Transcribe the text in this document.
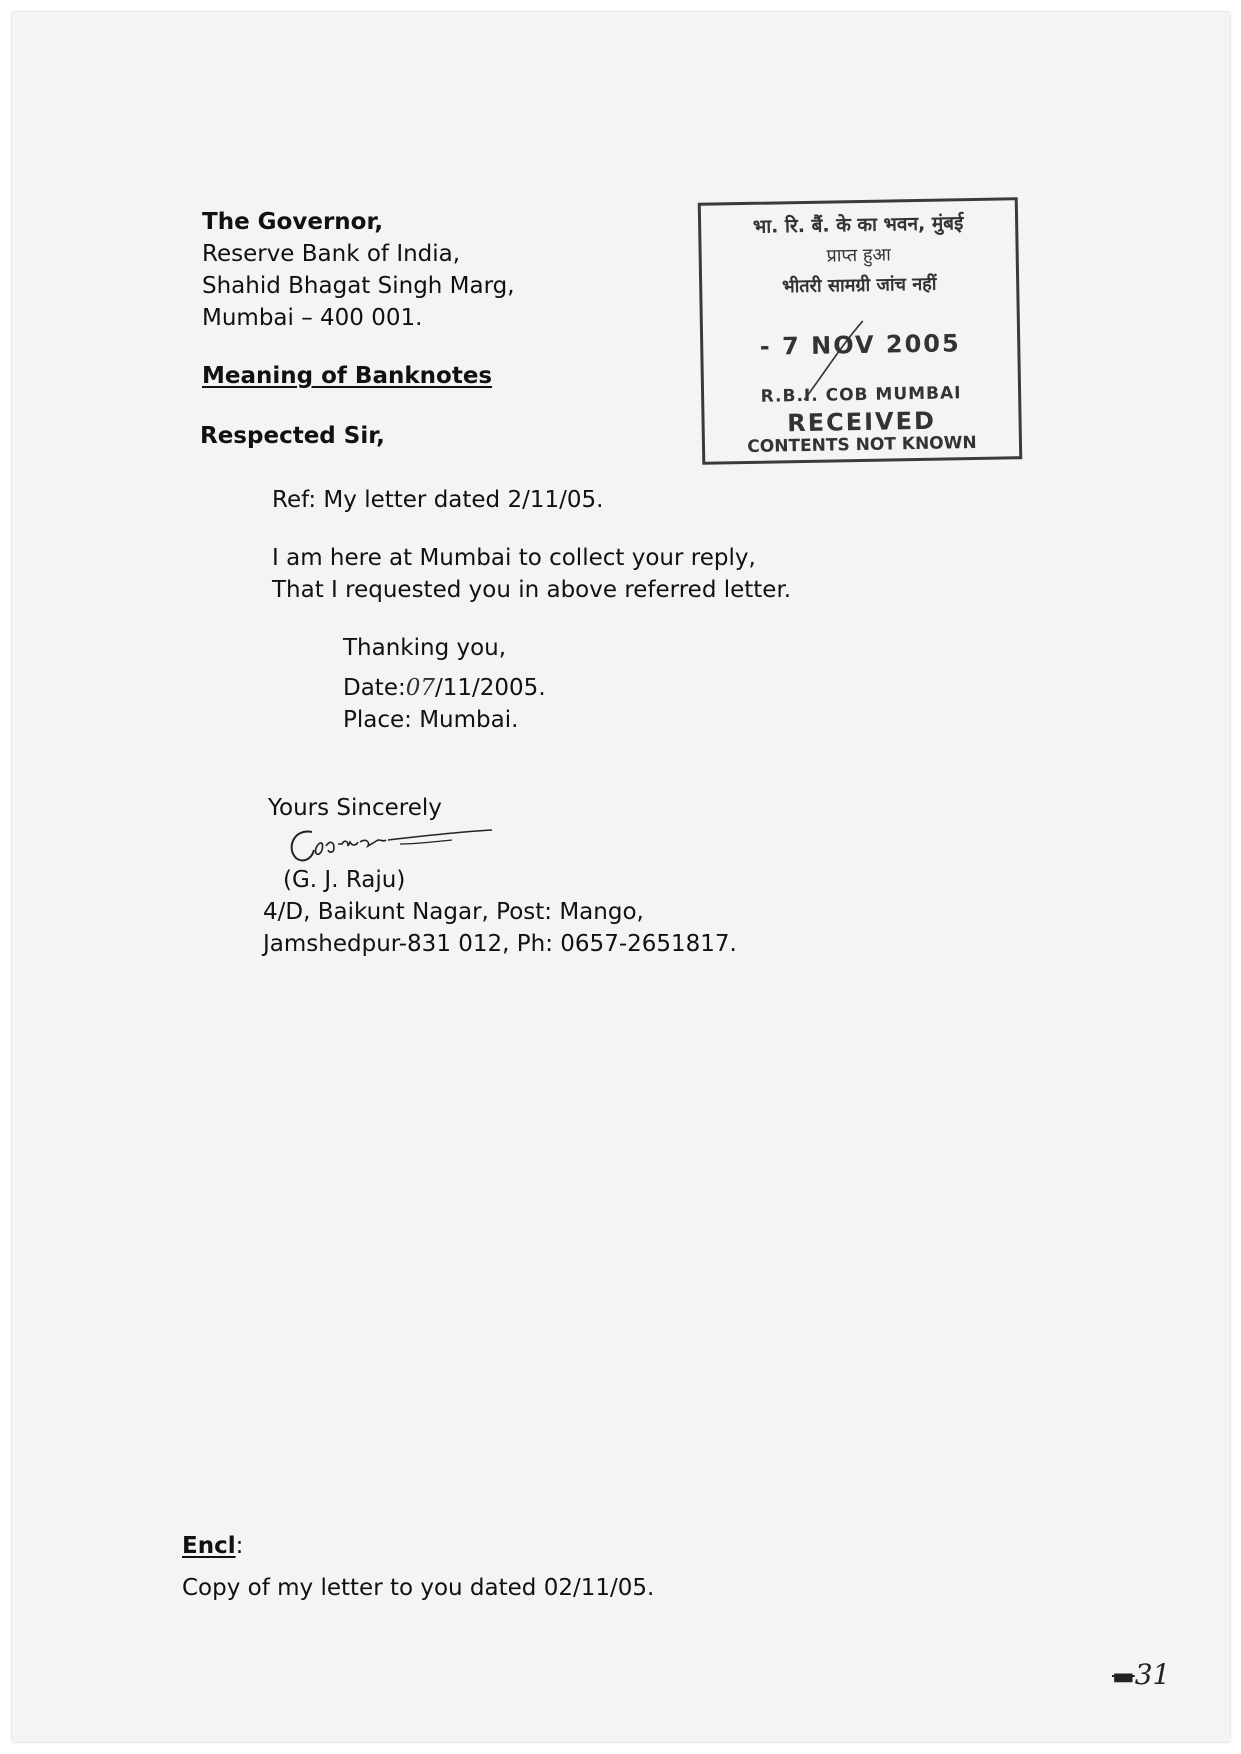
The Governor,
Reserve Bank of India,
Shahid Bhagat Singh Marg,
Mumbai – 400 001.
Meaning of Banknotes
Respected Sir,
Ref: My letter dated 2/11/05.
I am here at Mumbai to collect your reply,
That I requested you in above referred letter.
Thanking you,
Date:07/11/2005.
Place: Mumbai.
Yours Sincerely
(G. J. Raju)
4/D, Baikunt Nagar, Post: Mango,
Jamshedpur-831 012, Ph: 0657-2651817.
Encl:
Copy of my letter to you dated 02/11/05.
भा. रि. बैं. के का भवन, मुंबई
प्राप्त हुआ
भीतरी सामग्री जांच नहीं
- 7 NOV 2005
R.B.I. COB MUMBAI
RECEIVED
CONTENTS NOT KNOWN
▬31
